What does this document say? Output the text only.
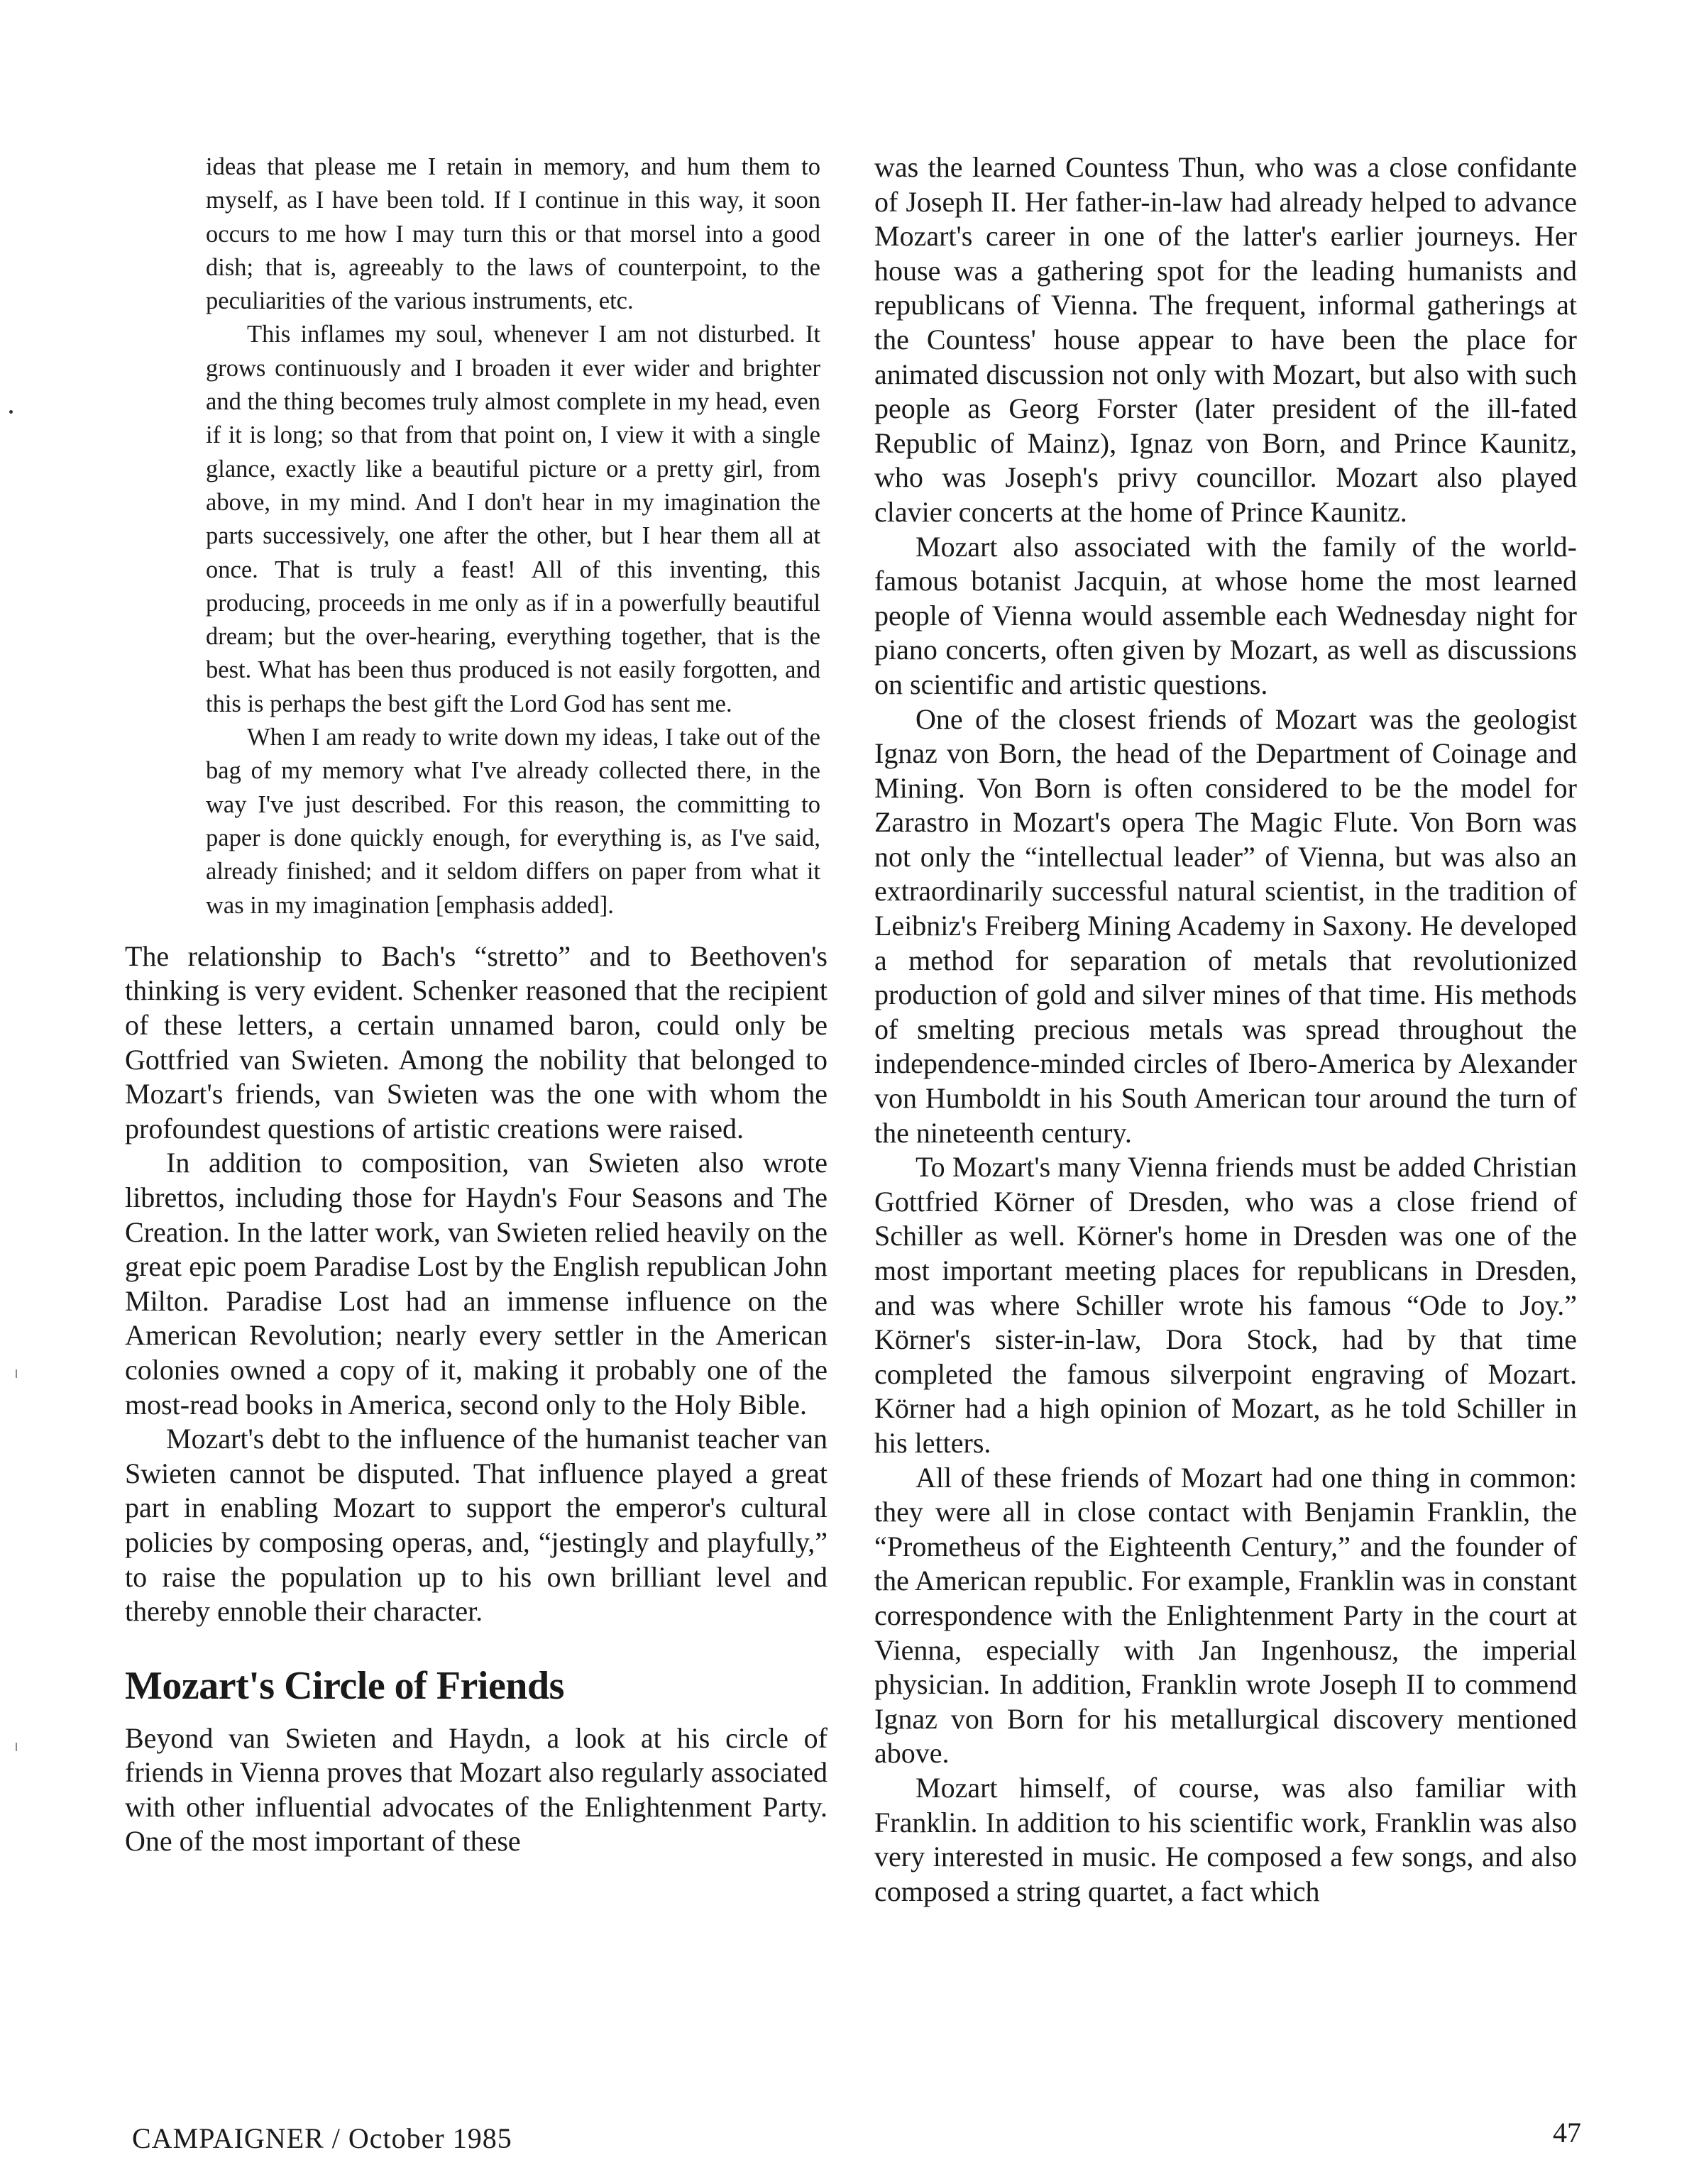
ideas that please me I retain in memory, and hum them to myself, as I have been told. If I continue in this way, it soon occurs to me how I may turn this or that morsel into a good dish; that is, agreeably to the laws of counterpoint, to the peculiarities of the various instruments, etc.

This inflames my soul, whenever I am not disturbed. It grows continuously and I broaden it ever wider and brighter and the thing becomes truly almost complete in my head, even if it is long; so that from that point on, I view it with a single glance, exactly like a beautiful picture or a pretty girl, from above, in my mind. And I don't hear in my imagination the parts successively, one after the other, but I hear them all at once. That is truly a feast! All of this inventing, this producing, proceeds in me only as if in a powerfully beautiful dream; but the over-hearing, everything together, that is the best. What has been thus produced is not easily forgotten, and this is perhaps the best gift the Lord God has sent me.

When I am ready to write down my ideas, I take out of the bag of my memory what I've already collected there, in the way I've just described. For this reason, the committing to paper is done quickly enough, for everything is, as I've said, already finished; and it seldom differs on paper from what it was in my imagination [emphasis added].

The relationship to Bach's “stretto” and to Beethoven's thinking is very evident. Schenker reasoned that the recipient of these letters, a certain unnamed baron, could only be Gottfried van Swieten. Among the nobility that belonged to Mozart's friends, van Swieten was the one with whom the profoundest questions of artistic creations were raised.

In addition to composition, van Swieten also wrote librettos, including those for Haydn's Four Seasons and The Creation. In the latter work, van Swieten relied heavily on the great epic poem Paradise Lost by the English republican John Milton. Paradise Lost had an immense influence on the American Revolution; nearly every settler in the American colonies owned a copy of it, making it probably one of the most-read books in America, second only to the Holy Bible.

Mozart's debt to the influence of the humanist teacher van Swieten cannot be disputed. That influence played a great part in enabling Mozart to support the emperor's cultural policies by composing operas, and, “jestingly and playfully,” to raise the population up to his own brilliant level and thereby ennoble their character.

Mozart's Circle of Friends

Beyond van Swieten and Haydn, a look at his circle of friends in Vienna proves that Mozart also regularly associated with other influential advocates of the Enlightenment Party. One of the most important of these

was the learned Countess Thun, who was a close confidante of Joseph II. Her father-in-law had already helped to advance Mozart's career in one of the latter's earlier journeys. Her house was a gathering spot for the leading humanists and republicans of Vienna. The frequent, informal gatherings at the Countess' house appear to have been the place for animated discussion not only with Mozart, but also with such people as Georg Forster (later president of the ill-fated Republic of Mainz), Ignaz von Born, and Prince Kaunitz, who was Joseph's privy councillor. Mozart also played clavier concerts at the home of Prince Kaunitz.

Mozart also associated with the family of the world-famous botanist Jacquin, at whose home the most learned people of Vienna would assemble each Wednesday night for piano concerts, often given by Mozart, as well as discussions on scientific and artistic questions.

One of the closest friends of Mozart was the geologist Ignaz von Born, the head of the Department of Coinage and Mining. Von Born is often considered to be the model for Zarastro in Mozart's opera The Magic Flute. Von Born was not only the “intellectual leader” of Vienna, but was also an extraordinarily successful natural scientist, in the tradition of Leibniz's Freiberg Mining Academy in Saxony. He developed a method for separation of metals that revolutionized production of gold and silver mines of that time. His methods of smelting precious metals was spread throughout the independence-minded circles of Ibero-America by Alexander von Humboldt in his South American tour around the turn of the nineteenth century.

To Mozart's many Vienna friends must be added Christian Gottfried Körner of Dresden, who was a close friend of Schiller as well. Körner's home in Dresden was one of the most important meeting places for republicans in Dresden, and was where Schiller wrote his famous “Ode to Joy.” Körner's sister-in-law, Dora Stock, had by that time completed the famous silverpoint engraving of Mozart. Körner had a high opinion of Mozart, as he told Schiller in his letters.

All of these friends of Mozart had one thing in common: they were all in close contact with Benjamin Franklin, the “Prometheus of the Eighteenth Century,” and the founder of the American republic. For example, Franklin was in constant correspondence with the Enlightenment Party in the court at Vienna, especially with Jan Ingenhousz, the imperial physician. In addition, Franklin wrote Joseph II to commend Ignaz von Born for his metallurgical discovery mentioned above.

Mozart himself, of course, was also familiar with Franklin. In addition to his scientific work, Franklin was also very interested in music. He composed a few songs, and also composed a string quartet, a fact which

CAMPAIGNER / October 1985	47
